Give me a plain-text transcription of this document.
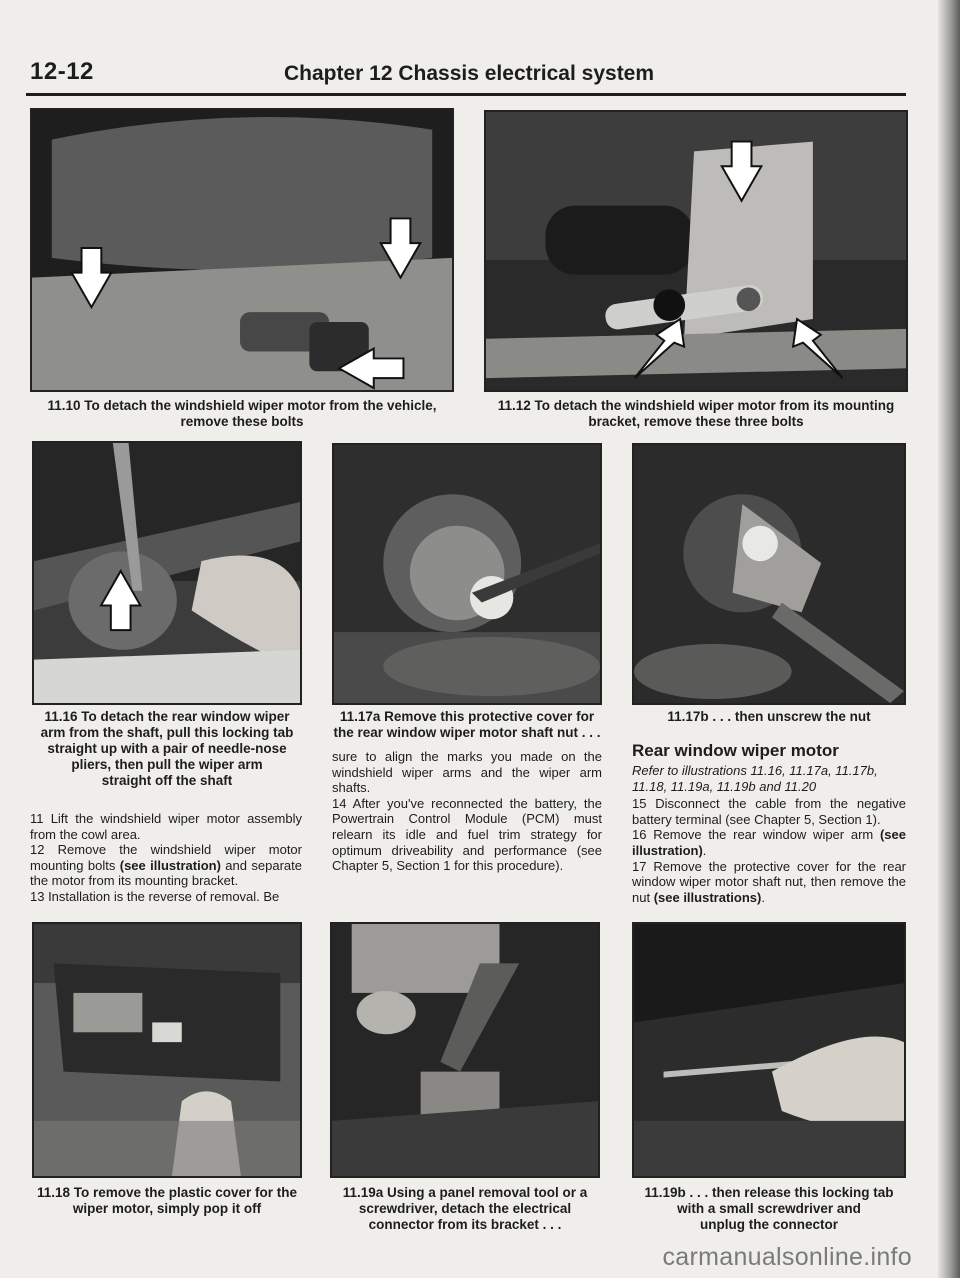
12-12	Chapter 12 Chassis electrical system
11.10 To detach the windshield wiper motor from the vehicle,
remove these bolts
11.12 To detach the windshield wiper motor from its mounting
bracket, remove these three bolts
11.16 To detach the rear window wiper
arm from the shaft, pull this locking tab
straight up with a pair of needle-nose
pliers, then pull the wiper arm
straight off the shaft
11.17a Remove this protective cover for
the rear window wiper motor shaft nut . . .
11.17b . . . then unscrew the nut

11 Lift the windshield wiper motor assembly from the cowl area.

12 Remove the windshield wiper motor mounting bolts (see illustration) and separate the motor from its mounting bracket.

13 Installation is the reverse of removal. Be

sure to align the marks you made on the windshield wiper arms and the wiper arm shafts.

14 After you've reconnected the battery, the Powertrain Control Module (PCM) must relearn its idle and fuel trim strategy for optimum driveability and performance (see Chapter 5, Section 1 for this procedure).

Rear window wiper motor
Refer to illustrations 11.16, 11.17a, 11.17b, 11.18, 11.19a, 11.19b and 11.20

15 Disconnect the cable from the negative battery terminal (see Chapter 5, Section 1).

16 Remove the rear window wiper arm (see illustration).

17 Remove the protective cover for the rear window wiper motor shaft nut, then remove the nut (see illustrations).

11.18 To remove the plastic cover for the
wiper motor, simply pop it off
11.19a Using a panel removal tool or a
screwdriver, detach the electrical
connector from its bracket . . .
11.19b . . . then release this locking tab
with a small screwdriver and
unplug the connector
carmanualsonline.info
